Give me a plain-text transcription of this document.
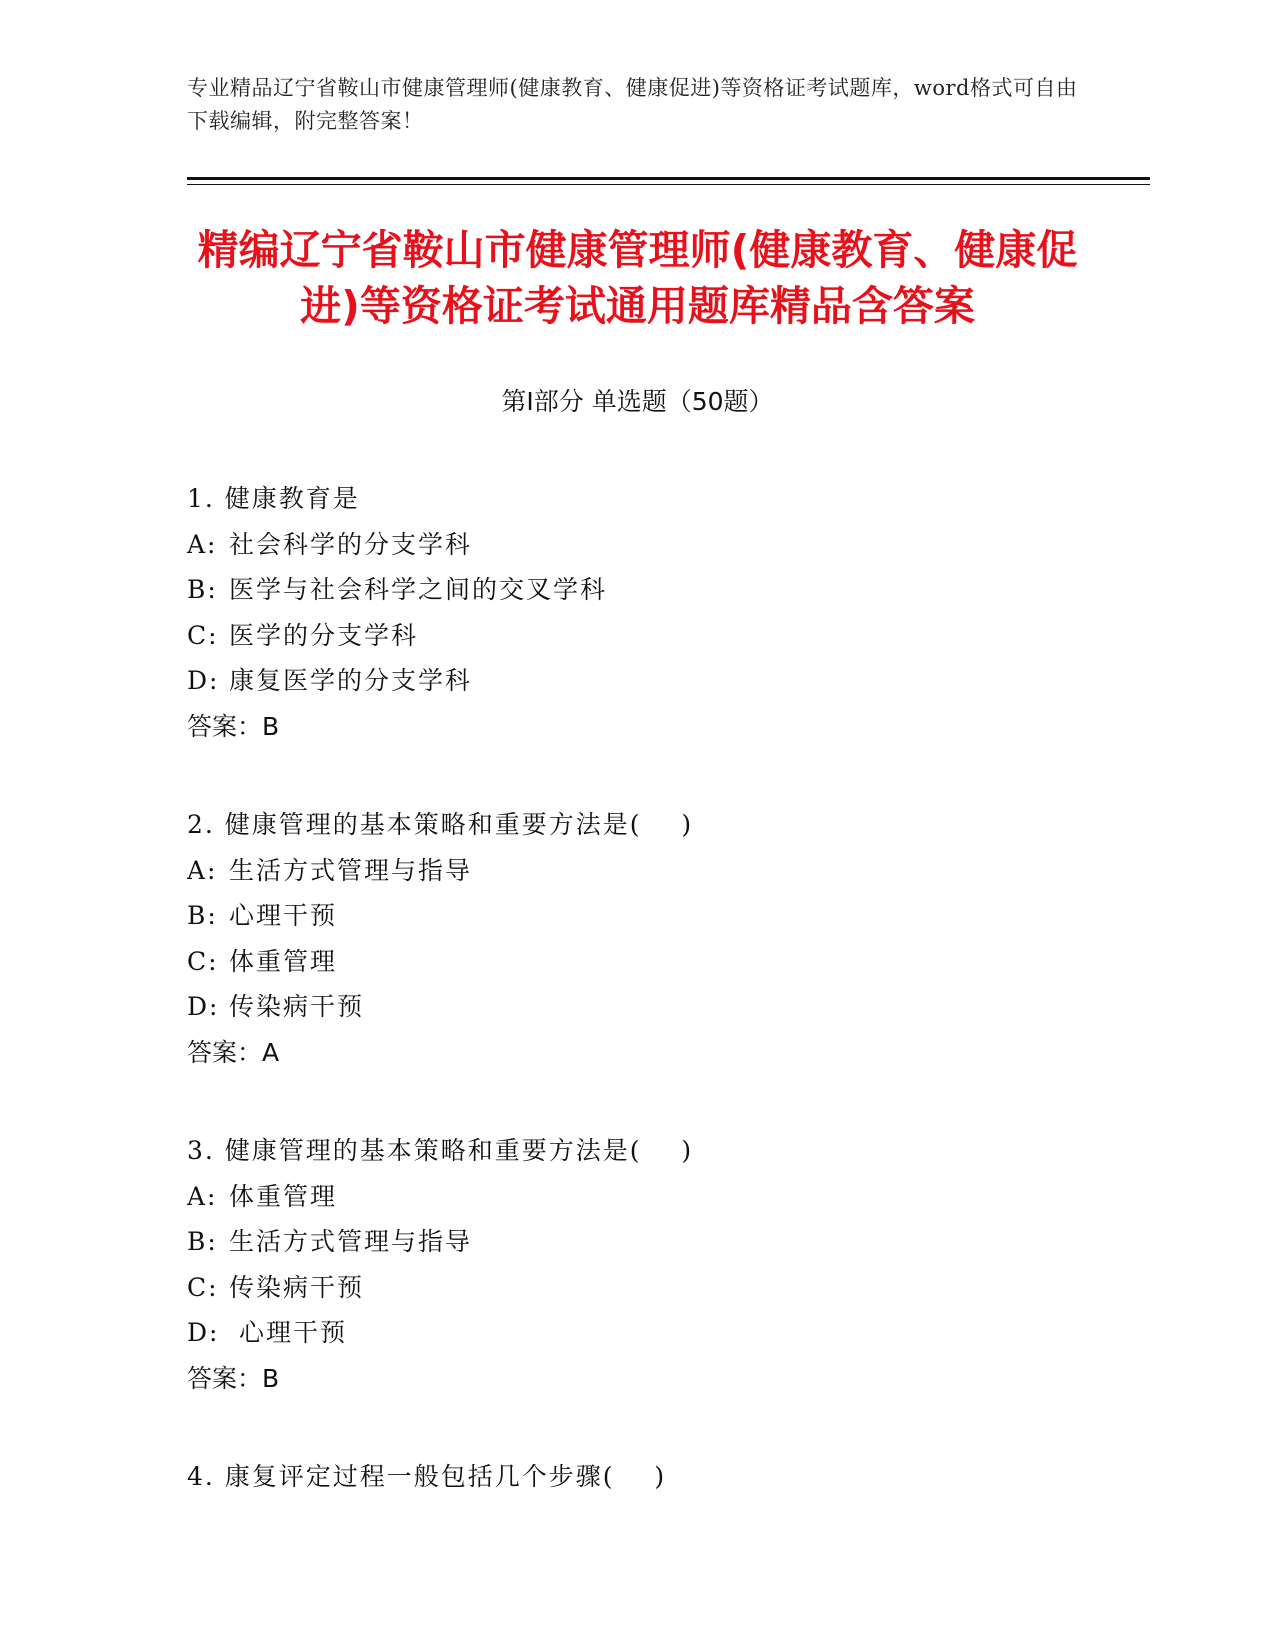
专业精品辽宁省鞍山市健康管理师(健康教育、健康促进)等资格证考试题库，word格式可自由下载编辑，附完整答案！
精编辽宁省鞍山市健康管理师(健康教育、健康促进)等资格证考试通用题库精品含答案
第Ⅰ部分 单选题（50题）
1. 健康教育是
A: 社会科学的分支学科
B: 医学与社会科学之间的交叉学科
C: 医学的分支学科
D: 康复医学的分支学科
答案：B
2. 健康管理的基本策略和重要方法是(    )
A: 生活方式管理与指导
B: 心理干预
C: 体重管理
D: 传染病干预
答案：A
3. 健康管理的基本策略和重要方法是(    )
A: 体重管理
B: 生活方式管理与指导
C: 传染病干预
D: 心理干预
答案：B
4. 康复评定过程一般包括几个步骤(    )
